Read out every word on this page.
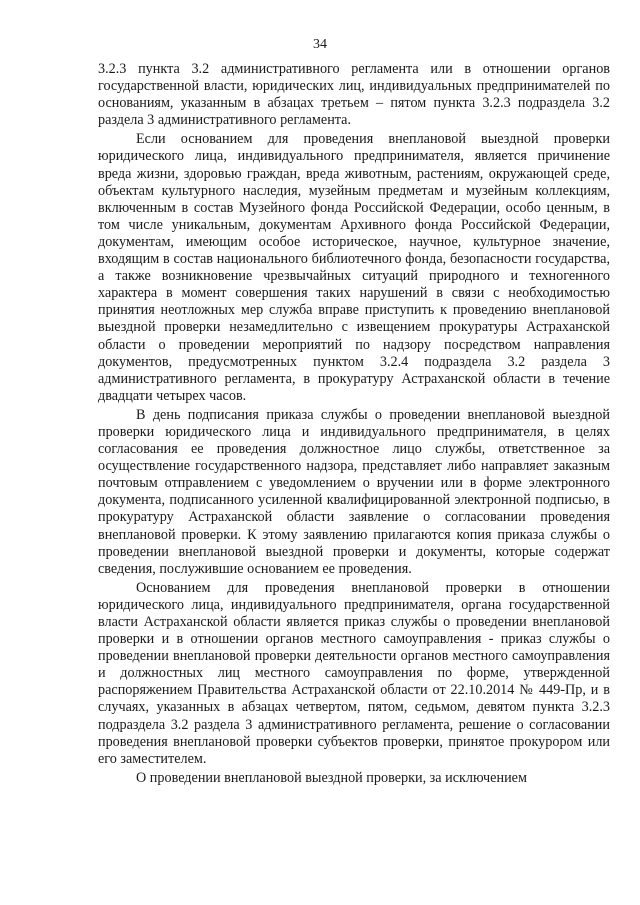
34

3.2.3 пункта 3.2 административного регламента или в отношении органов государственной власти, юридических лиц, индивидуальных предпринимателей по основаниям, указанным в абзацах третьем – пятом пункта 3.2.3 подраздела 3.2 раздела 3 административного регламента.

Если основанием для проведения внеплановой выездной проверки юридического лица, индивидуального предпринимателя, является причинение вреда жизни, здоровью граждан, вреда животным, растениям, окружающей среде, объектам культурного наследия, музейным предметам и музейным коллекциям, включенным в состав Музейного фонда Российской Федерации, особо ценным, в том числе уникальным, документам Архивного фонда Российской Федерации, документам, имеющим особое историческое, научное, культурное значение, входящим в состав национального библиотечного фонда, безопасности государства, а также возникновение чрезвычайных ситуаций природного и техногенного характера в момент совершения таких нарушений в связи с необходимостью принятия неотложных мер служба вправе приступить к проведению внеплановой выездной проверки незамедлительно с извещением прокуратуры Астраханской области о проведении мероприятий по надзору посредством направления документов, предусмотренных пунктом 3.2.4 подраздела 3.2 раздела 3 административного регламента, в прокуратуру Астраханской области в течение двадцати четырех часов.

В день подписания приказа службы о проведении внеплановой выездной проверки юридического лица и индивидуального предпринимателя, в целях согласования ее проведения должностное лицо службы, ответственное за осуществление государственного надзора, представляет либо направляет заказным почтовым отправлением с уведомлением о вручении или в форме электронного документа, подписанного усиленной квалифицированной электронной подписью, в прокуратуру Астраханской области заявление о согласовании проведения внеплановой проверки. К этому заявлению прилагаются копия приказа службы о проведении внеплановой выездной проверки и документы, которые содержат сведения, послужившие основанием ее проведения.

Основанием для проведения внеплановой проверки в отношении юридического лица, индивидуального предпринимателя, органа государственной власти Астраханской области является приказ службы о проведении внеплановой проверки и в отношении органов местного самоуправления - приказ службы о проведении внеплановой проверки деятельности органов местного самоуправления и должностных лиц местного самоуправления по форме, утвержденной распоряжением Правительства Астраханской области от 22.10.2014 № 449-Пр, и в случаях, указанных в абзацах четвертом, пятом, седьмом, девятом пункта 3.2.3 подраздела 3.2 раздела 3 административного регламента, решение о согласовании проведения внеплановой проверки субъектов проверки, принятое прокурором или его заместителем.

О проведении внеплановой выездной проверки, за исключением
